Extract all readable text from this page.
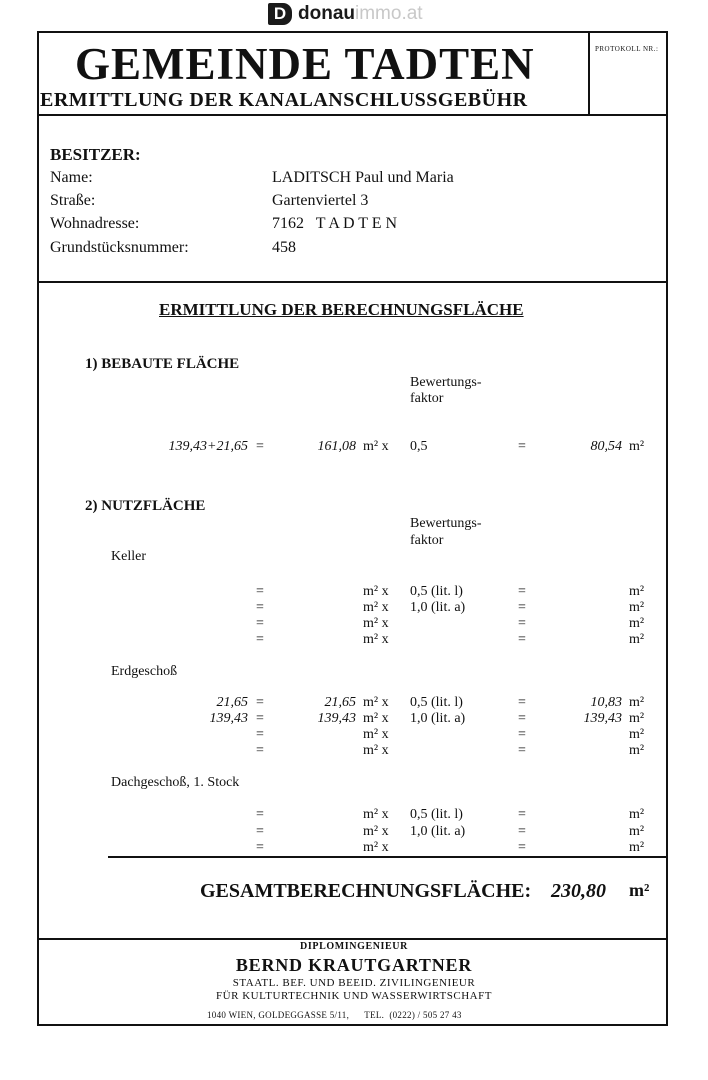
D donau immo.at
GEMEINDE TADTEN
ERMITTLUNG DER KANALANSCHLUSSGEBÜHR
PROTOKOLL NR.:
BESITZER:
Name:	LADITSCH Paul und Maria
Straße:	Gartenviertel 3
Wohnadresse:	7162   T A D T E N
Grundstücksnummer:	458
ERMITTLUNG DER BERECHNUNGSFLÄCHE
1) BEBAUTE FLÄCHE
Bewertungs-
faktor
139,43+21,65 =	161,08 m² x 0,5	=	80,54 m²
2) NUTZFLÄCHE
Bewertungs-
faktor
Keller
Erdgeschoß
Dachgeschoß, 1. Stock
=	m² x 0,5 (lit. l)	=	m²
=	m² x 1,0 (lit. a)	=	m²
=	m² x	=	m²
=	m² x	=	m²
21,65 =	21,65 m² x 0,5 (lit. l)	=	10,83 m²
139,43 =	139,43 m² x 1,0 (lit. a)	=	139,43 m²
=	m² x	=	m²
=	m² x	=	m²
=	m² x 0,5 (lit. l)	=	m²
=	m² x 1,0 (lit. a)	=	m²
=	m² x	=	m²
GESAMTBERECHNUNGSFLÄCHE: 230,80 m²
DIPLOMINGENIEUR
BERND KRAUTGARTNER
STAATL. BEF. UND BEEID. ZIVILINGENIEUR
FÜR KULTURTECHNIK UND WASSERWIRTSCHAFT
1040 WIEN, GOLDEGGASSE 5/11,      TEL.  (0222) / 505 27 43
